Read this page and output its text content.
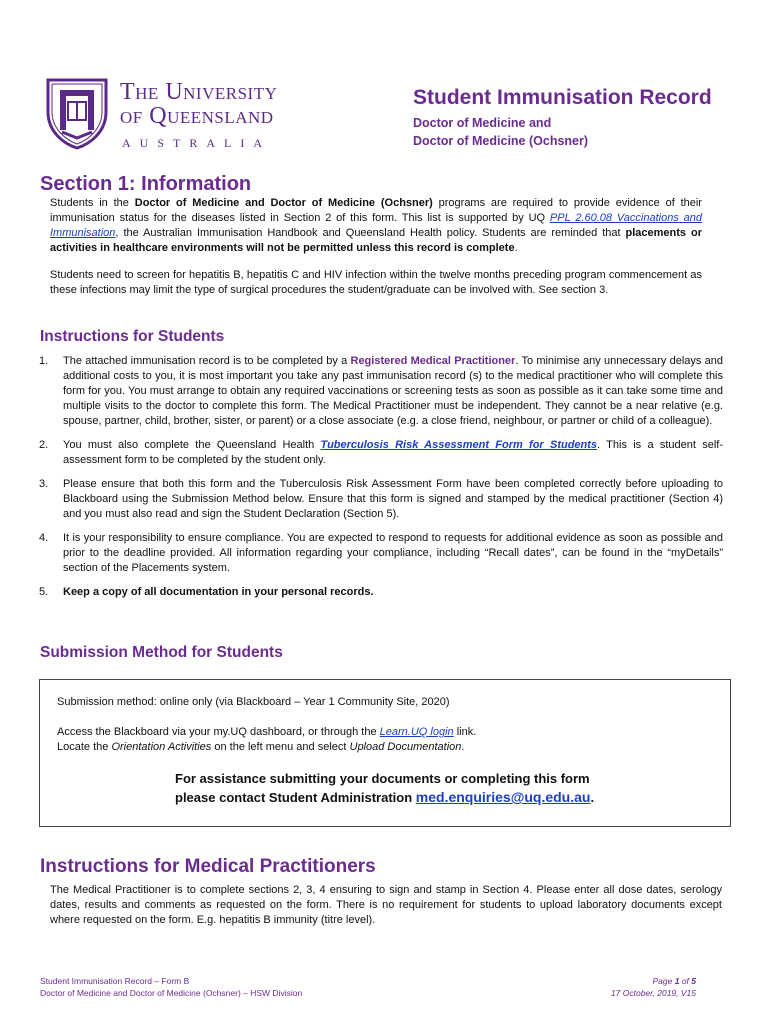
The University
of Queensland
AUSTRALIA
Student Immunisation Record
Doctor of Medicine and
Doctor of Medicine (Ochsner)
Section 1: Information
Students in the Doctor of Medicine and Doctor of Medicine (Ochsner) programs are required to provide evidence of their immunisation status for the diseases listed in Section 2 of this form. This list is supported by UQ PPL 2.60.08 Vaccinations and Immunisation, the Australian Immunisation Handbook and Queensland Health policy. Students are reminded that placements or activities in healthcare environments will not be permitted unless this record is complete.
Students need to screen for hepatitis B, hepatitis C and HIV infection within the twelve months preceding program commencement as these infections may limit the type of surgical procedures the student/graduate can be involved with. See section 3.
Instructions for Students
1. The attached immunisation record is to be completed by a Registered Medical Practitioner. To minimise any unnecessary delays and additional costs to you, it is most important you take any past immunisation record (s) to the medical practitioner who will complete this form for you. You must arrange to obtain any required vaccinations or screening tests as soon as possible as it can take some time and multiple visits to the doctor to complete this form. The Medical Practitioner must be independent. They cannot be a near relative (e.g. spouse, partner, child, brother, sister, or parent) or a close associate (e.g. a close friend, neighbour, or partner or child of a colleague).
2. You must also complete the Queensland Health Tuberculosis Risk Assessment Form for Students. This is a student self-assessment form to be completed by the student only.
3. Please ensure that both this form and the Tuberculosis Risk Assessment Form have been completed correctly before uploading to Blackboard using the Submission Method below. Ensure that this form is signed and stamped by the medical practitioner (Section 4) and you must also read and sign the Student Declaration (Section 5).
4. It is your responsibility to ensure compliance. You are expected to respond to requests for additional evidence as soon as possible and prior to the deadline provided. All information regarding your compliance, including “Recall dates”, can be found in the “myDetails” section of the Placements system.
5. Keep a copy of all documentation in your personal records.
Submission Method for Students
Submission method: online only (via Blackboard – Year 1 Community Site, 2020)
Access the Blackboard via your my.UQ dashboard, or through the Learn.UQ login link.
Locate the Orientation Activities on the left menu and select Upload Documentation.
For assistance submitting your documents or completing this form
please contact Student Administration med.enquiries@uq.edu.au.
Instructions for Medical Practitioners
The Medical Practitioner is to complete sections 2, 3, 4 ensuring to sign and stamp in Section 4. Please enter all dose dates, serology dates, results and comments as requested on the form. There is no requirement for students to upload laboratory documents except where requested on the form. E.g. hepatitis B immunity (titre level).
Student Immunisation Record – Form B
Doctor of Medicine and Doctor of Medicine (Ochsner) – HSW Division
Page 1 of 5
17 October, 2019, V15
